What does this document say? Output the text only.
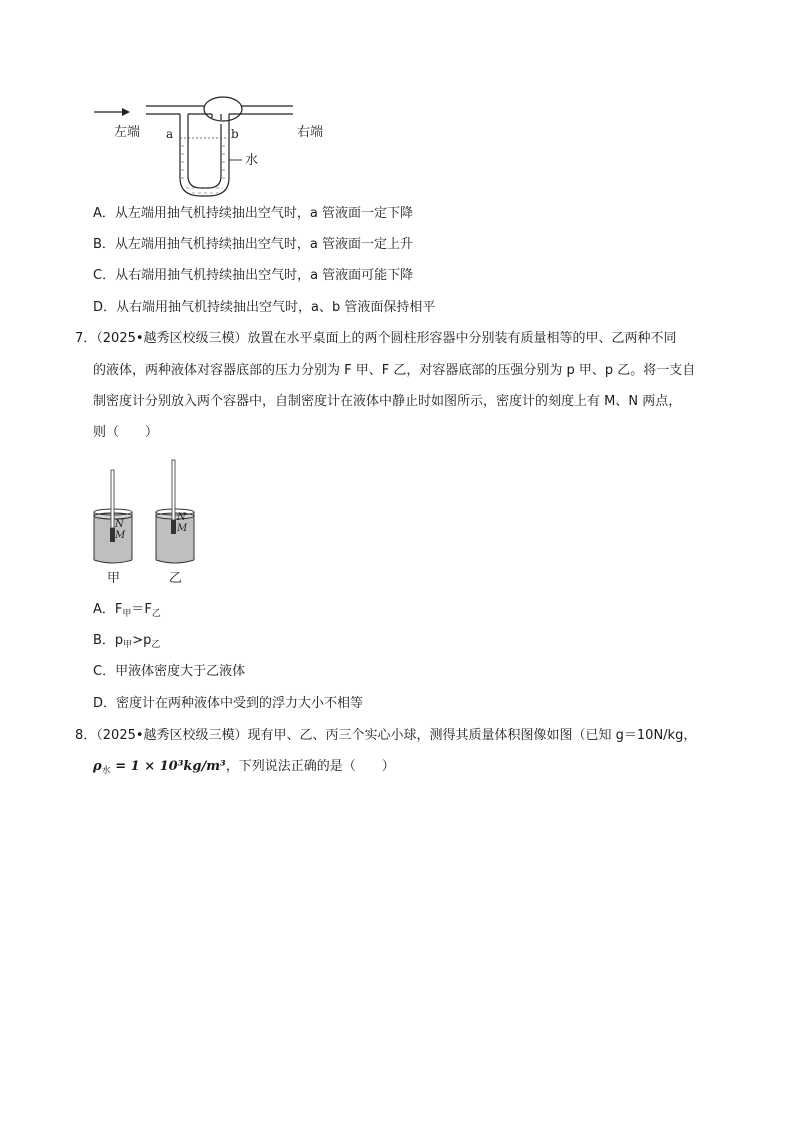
左端	右端
a	b
水
A．从左端用抽气机持续抽出空气时，a 管液面一定下降
B．从左端用抽气机持续抽出空气时，a 管液面一定上升
C．从右端用抽气机持续抽出空气时，a 管液面可能下降
D．从右端用抽气机持续抽出空气时，a、b 管液面保持相平
7．（2025•越秀区校级三模）放置在水平桌面上的两个圆柱形容器中分别装有质量相等的甲、乙两种不同
的液体，两种液体对容器底部的压力分别为 F 甲、F 乙，对容器底部的压强分别为 p 甲、p 乙。将一支自
制密度计分别放入两个容器中，自制密度计在液体中静止时如图所示，密度计的刻度上有 M、N 两点，
则（　　）
N
M
N
M
甲	乙
A．$F_甲=F_乙$
B．$p_甲>p_乙$
C．甲液体密度大于乙液体
D．密度计在两种液体中受到的浮力大小不相等
8．（2025•越秀区校级三模）现有甲、乙、丙三个实心小球，测得其质量体积图像如图（已知 g＝10N/kg，
$\rho_水 = 1 \times 10^3kg/m^3$，下列说法正确的是（　　）
